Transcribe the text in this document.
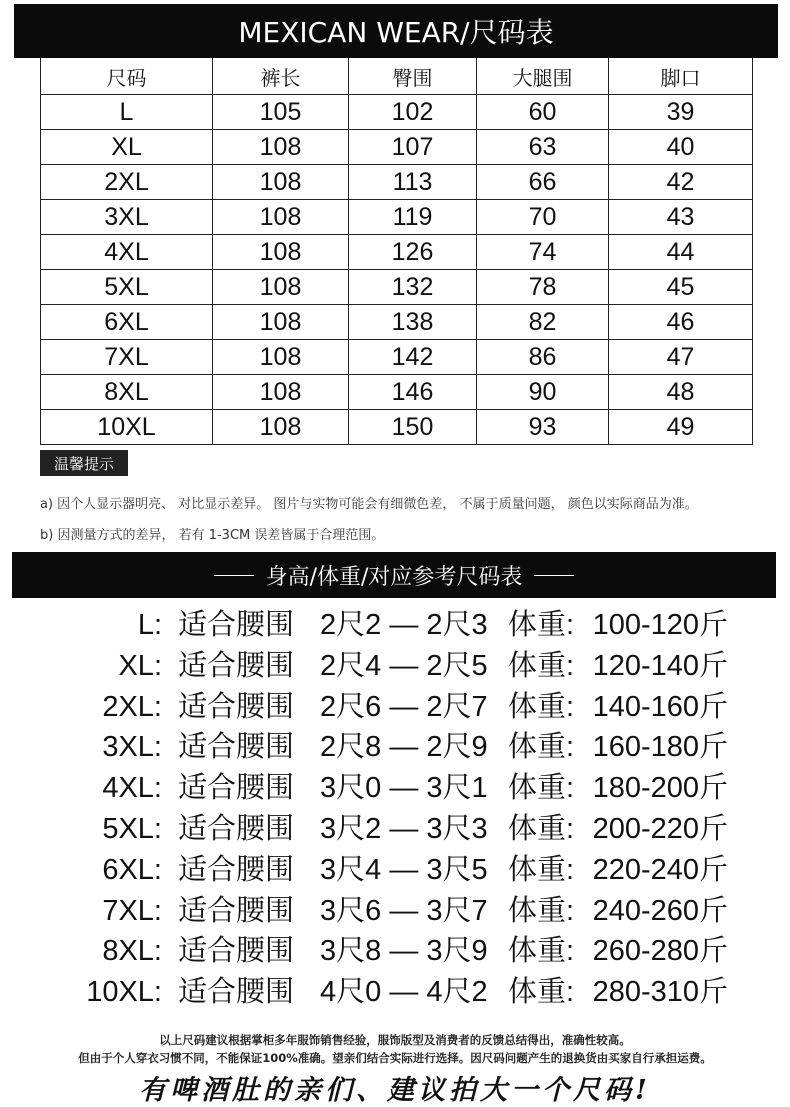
MEXICAN WEAR/尺码表
尺码	裤长	臀围	大腿围	脚口
L	105	102	60	39
XL	108	107	63	40
2XL	108	113	66	42
3XL	108	119	70	43
4XL	108	126	74	44
5XL	108	132	78	45
6XL	108	138	82	46
7XL	108	142	86	47
8XL	108	146	90	48
10XL	108	150	93	49
温馨提示
a) 因个人显示器明亮、 对比显示差异。 图片与实物可能会有细微色差， 不属于质量问题， 颜色以实际商品为准。
b) 因测量方式的差异， 若有 1-3CM 误差皆属于合理范围。
身高/体重/对应参考尺码表
L: 适合腰围 2尺2 — 2尺3 体重: 100-120斤
XL: 适合腰围 2尺4 — 2尺5 体重: 120-140斤
2XL: 适合腰围 2尺6 — 2尺7 体重: 140-160斤
3XL: 适合腰围 2尺8 — 2尺9 体重: 160-180斤
4XL: 适合腰围 3尺0 — 3尺1 体重: 180-200斤
5XL: 适合腰围 3尺2 — 3尺3 体重: 200-220斤
6XL: 适合腰围 3尺4 — 3尺5 体重: 220-240斤
7XL: 适合腰围 3尺6 — 3尺7 体重: 240-260斤
8XL: 适合腰围 3尺8 — 3尺9 体重: 260-280斤
10XL: 适合腰围 4尺0 — 4尺2 体重: 280-310斤
以上尺码建议根据掌柜多年服饰销售经验，服饰版型及消费者的反馈总结得出，准确性较高。
但由于个人穿衣习惯不同，不能保证100%准确。望亲们结合实际进行选择。因尺码问题产生的退换货由买家自行承担运费。
有啤酒肚的亲们、建议拍大一个尺码!
